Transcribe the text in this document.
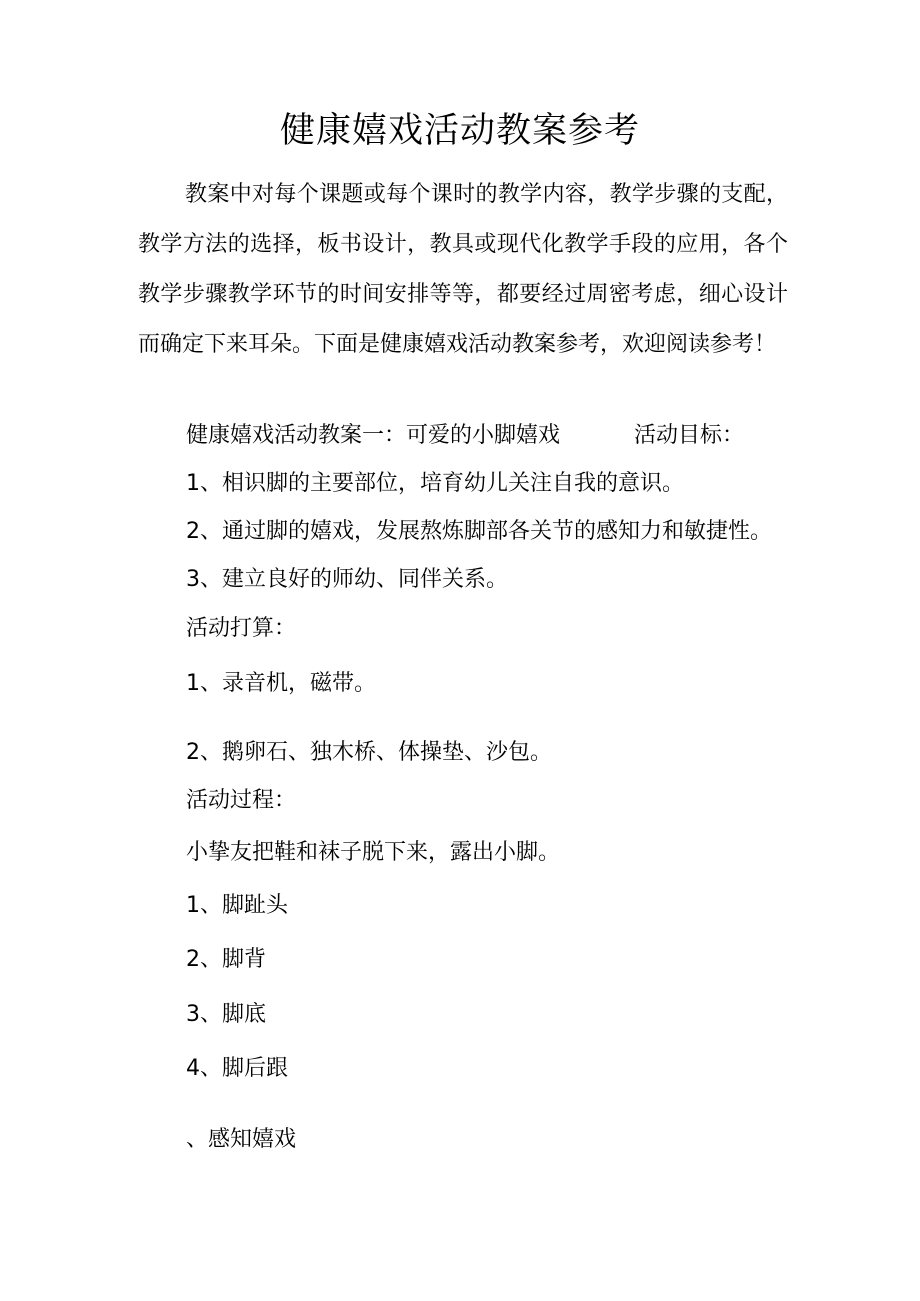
健康嬉戏活动教案参考

教案中对每个课题或每个课时的教学内容，教学步骤的支配，教学方法的选择，板书设计，教具或现代化教学手段的应用，各个教学步骤教学环节的时间安排等等，都要经过周密考虑，细心设计而确定下来耳朵。下面是健康嬉戏活动教案参考，欢迎阅读参考！

健康嬉戏活动教案一：可爱的小脚嬉戏	活动目标：

1、相识脚的主要部位，培育幼儿关注自我的意识。

2、通过脚的嬉戏，发展熬炼脚部各关节的感知力和敏捷性。

3、建立良好的师幼、同伴关系。

活动打算：

1、录音机，磁带。

2、鹅卵石、独木桥、体操垫、沙包。

活动过程：

小挚友把鞋和袜子脱下来，露出小脚。

1、脚趾头

2、脚背

3、脚底

4、脚后跟

、感知嬉戏
